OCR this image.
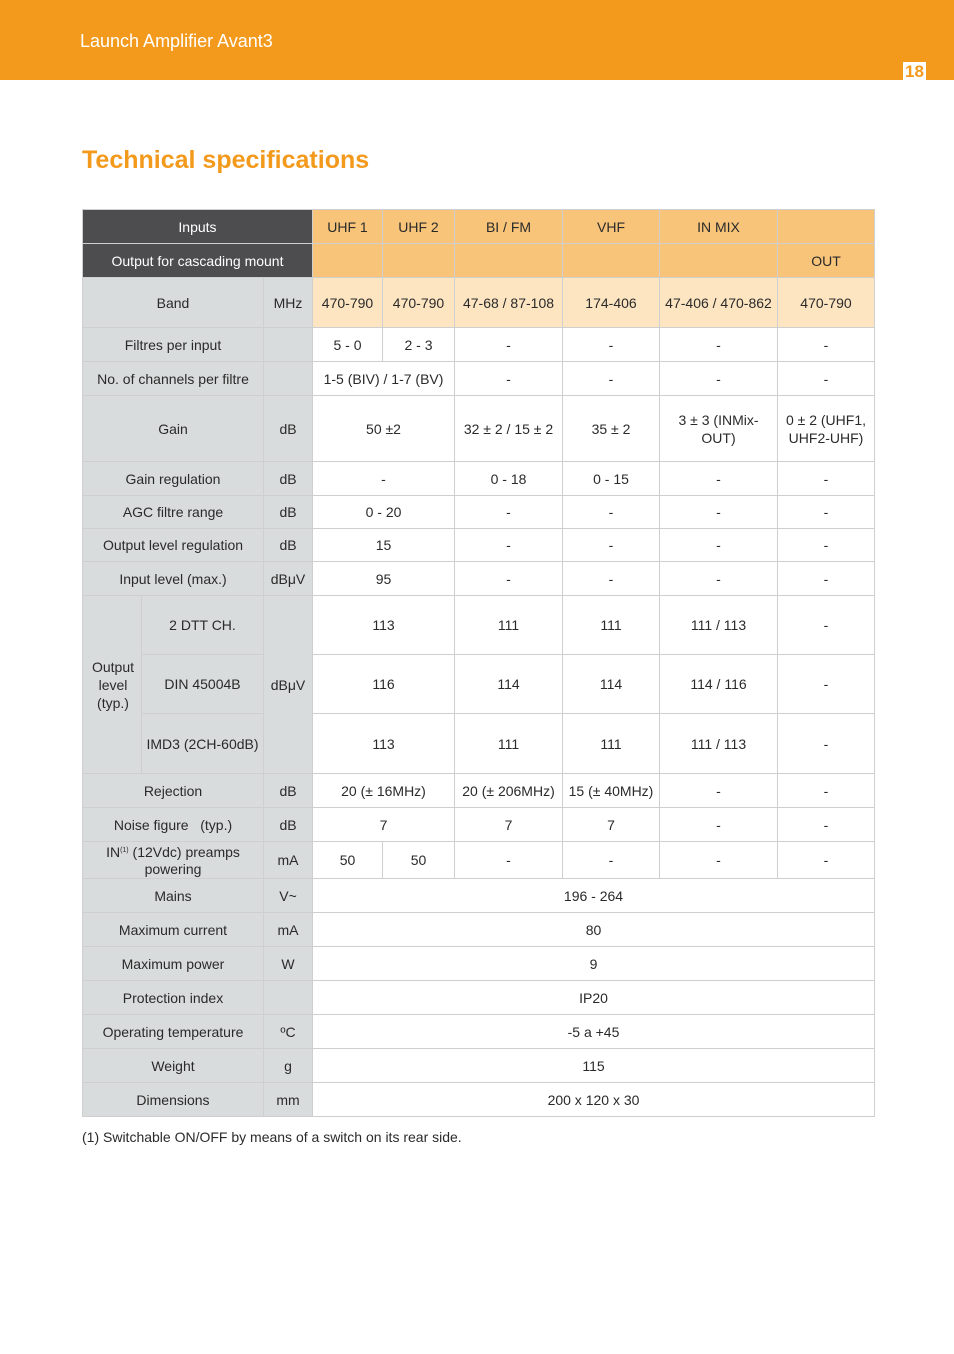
Launch Amplifier Avant3
18
Technical specifications
Inputs			UHF 1	UHF 2	BI / FM	VHF	IN MIX	
Output for cascading mount								OUT
Band		MHz	470-790	470-790	47-68 / 87-108	174-406	47-406 / 470-862	470-790
Filtres per input			5 - 0	2 - 3	-	-	-	-
No. of channels per filtre			1-5 (BIV) / 1-7 (BV)		-	-	-	-
Gain		dB	50 ±2		32 ± 2 / 15 ± 2	35 ± 2	3 ± 3 (INMix-OUT)	0 ± 2 (UHF1, UHF2-UHF)
Gain regulation		dB	-		0 - 18	0 - 15	-	-
AGC filtre range		dB	0 - 20		-	-	-	-
Output level regulation		dB	15		-	-	-	-
Input level (max.)		dBμV	95		-	-	-	-
Output level (typ.)	2 DTT CH.	dBμV	113		111	111	111 / 113	-
	DIN 45004B		116		114	114	114 / 116	-
	IMD3 (2CH-60dB)		113		111	111	111 / 113	-
Rejection		dB	20 (± 16MHz)		20 (± 206MHz)	15 (± 40MHz)	-	-
Noise figure   (typ.)		dB	7		7	7	-	-
IN$^{(1)}$ (12Vdc) preamps powering		mA	50	50	-	-	-	-
Mains		V~	196 - 264					
Maximum current		mA	80					
Maximum power		W	9					
Protection index			IP20					
Operating temperature		ºC	-5 a +45					
Weight		g	115					
Dimensions		mm	200 x 120 x 30					

(1) Switchable ON/OFF by means of a switch on its rear side.
